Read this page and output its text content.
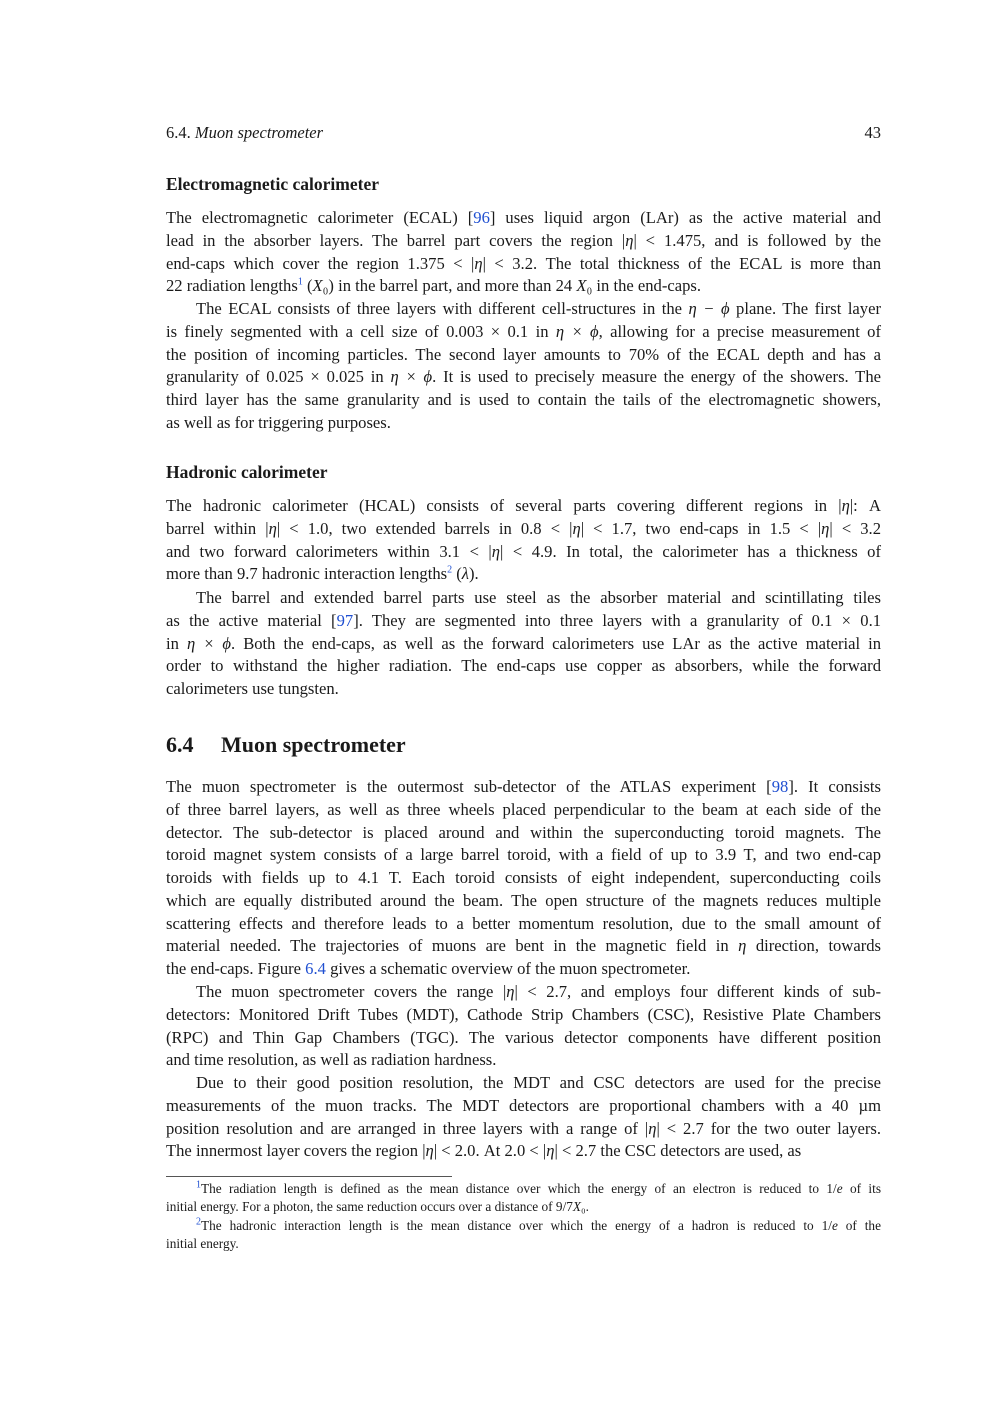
6.4. Muon spectrometer	43
Electromagnetic calorimeter
The electromagnetic calorimeter (ECAL) [96] uses liquid argon (LAr) as the active material and
lead in the absorber layers. The barrel part covers the region |η| < 1.475, and is followed by the
end-caps which cover the region 1.375 < |η| < 3.2. The total thickness of the ECAL is more than
22 radiation lengths$^1$ (X₀) in the barrel part, and more than 24 X₀ in the end-caps.
The ECAL consists of three layers with different cell-structures in the η − ϕ plane. The first layer
is finely segmented with a cell size of 0.003 × 0.1 in η × ϕ, allowing for a precise measurement of
the position of incoming particles. The second layer amounts to 70% of the ECAL depth and has a
granularity of 0.025 × 0.025 in η × ϕ. It is used to precisely measure the energy of the showers. The
third layer has the same granularity and is used to contain the tails of the electromagnetic showers,
as well as for triggering purposes.
Hadronic calorimeter
The hadronic calorimeter (HCAL) consists of several parts covering different regions in |η|: A
barrel within |η| < 1.0, two extended barrels in 0.8 < |η| < 1.7, two end-caps in 1.5 < |η| < 3.2
and two forward calorimeters within 3.1 < |η| < 4.9. In total, the calorimeter has a thickness of
more than 9.7 hadronic interaction lengths$^2$ (λ).
The barrel and extended barrel parts use steel as the absorber material and scintillating tiles
as the active material [97]. They are segmented into three layers with a granularity of 0.1 × 0.1
in η × ϕ. Both the end-caps, as well as the forward calorimeters use LAr as the active material in
order to withstand the higher radiation. The end-caps use copper as absorbers, while the forward
calorimeters use tungsten.
6.4 Muon spectrometer
The muon spectrometer is the outermost sub-detector of the ATLAS experiment [98]. It consists
of three barrel layers, as well as three wheels placed perpendicular to the beam at each side of the
detector. The sub-detector is placed around and within the superconducting toroid magnets. The
toroid magnet system consists of a large barrel toroid, with a field of up to 3.9 T, and two end-cap
toroids with fields up to 4.1 T. Each toroid consists of eight independent, superconducting coils
which are equally distributed around the beam. The open structure of the magnets reduces multiple
scattering effects and therefore leads to a better momentum resolution, due to the small amount of
material needed. The trajectories of muons are bent in the magnetic field in η direction, towards
the end-caps. Figure 6.4 gives a schematic overview of the muon spectrometer.
The muon spectrometer covers the range |η| < 2.7, and employs four different kinds of sub-
detectors: Monitored Drift Tubes (MDT), Cathode Strip Chambers (CSC), Resistive Plate Chambers
(RPC) and Thin Gap Chambers (TGC). The various detector components have different position
and time resolution, as well as radiation hardness.
Due to their good position resolution, the MDT and CSC detectors are used for the precise
measurements of the muon tracks. The MDT detectors are proportional chambers with a 40 µm
position resolution and are arranged in three layers with a range of |η| < 2.7 for the two outer layers.
The innermost layer covers the region |η| < 2.0. At 2.0 < |η| < 2.7 the CSC detectors are used, as
$^1$The radiation length is defined as the mean distance over which the energy of an electron is reduced to 1/e of its
initial energy. For a photon, the same reduction occurs over a distance of 9/7X₀.
$^2$The hadronic interaction length is the mean distance over which the energy of a hadron is reduced to 1/e of the
initial energy.
